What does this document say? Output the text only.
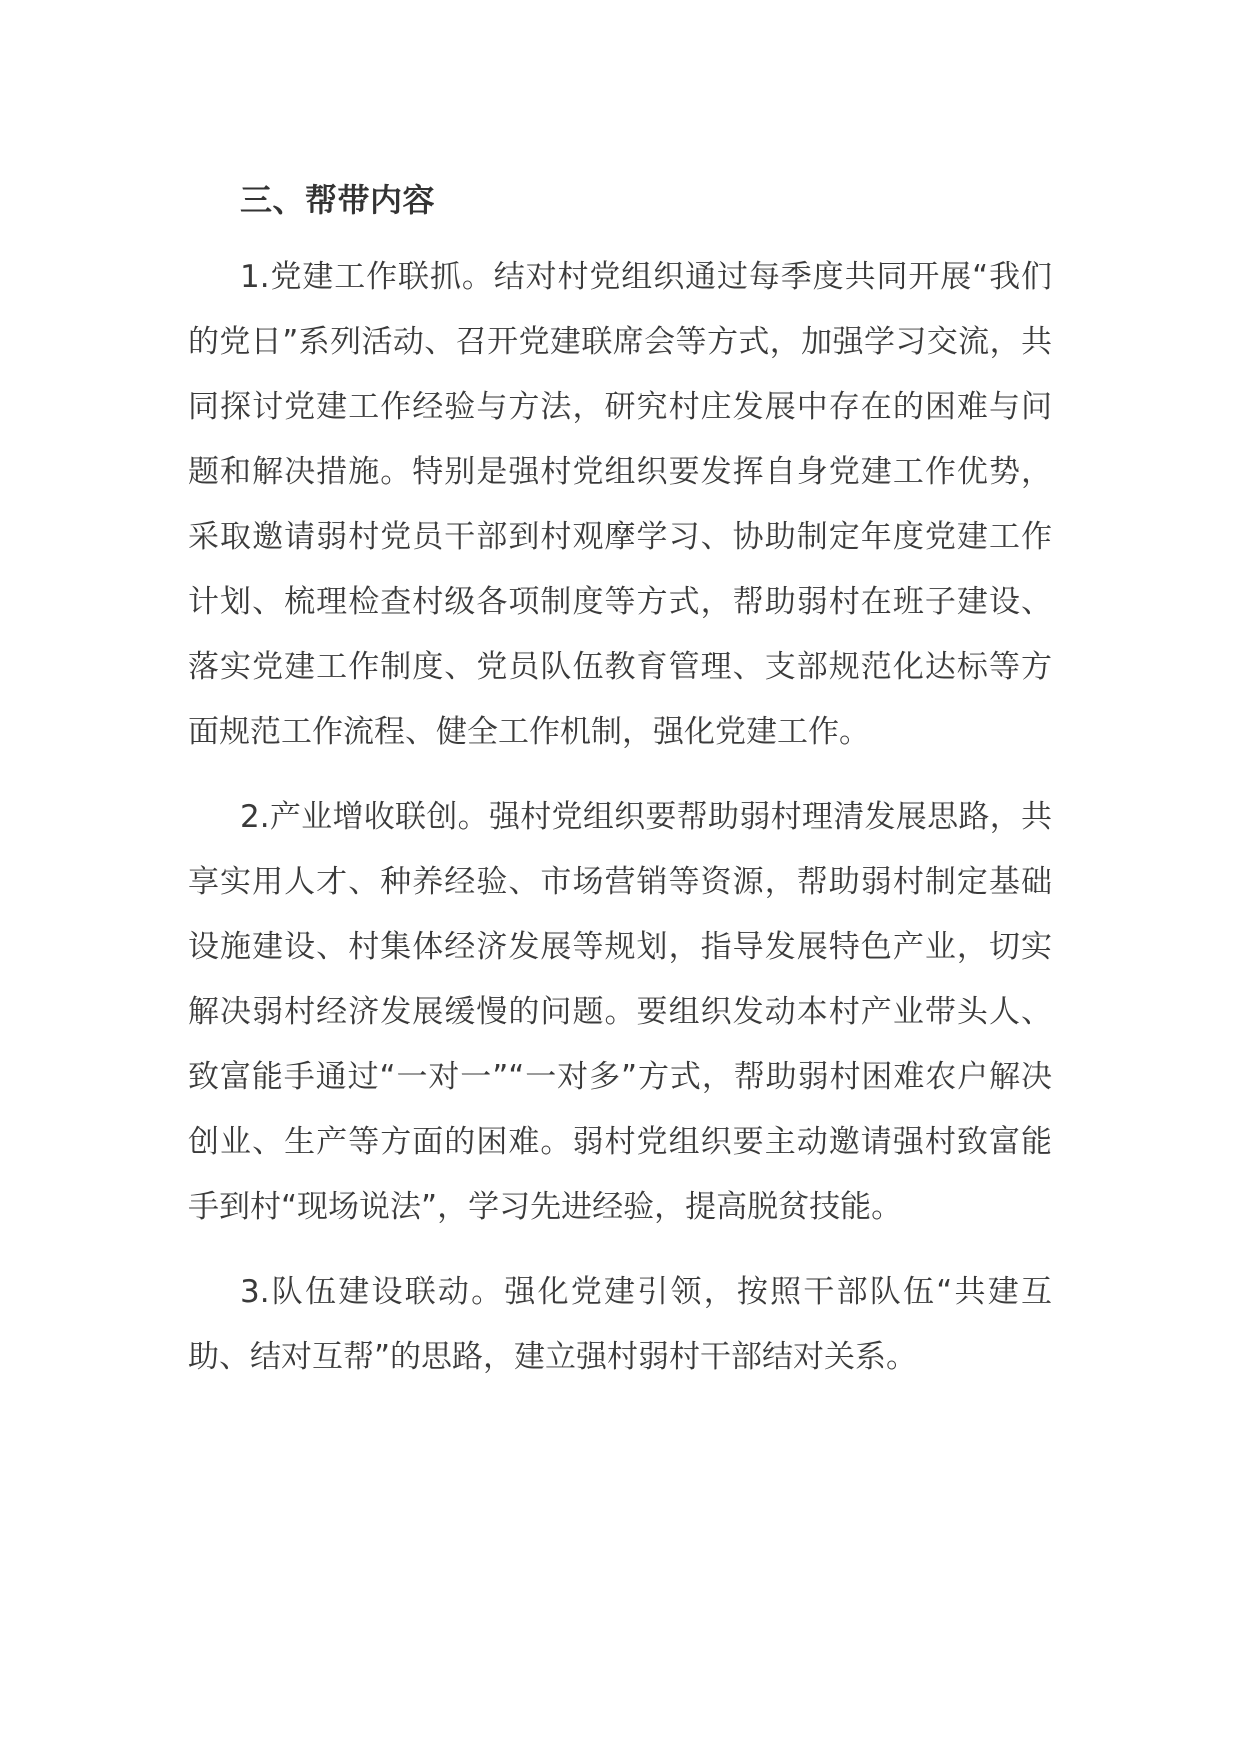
三、帮带内容

1.党建工作联抓。结对村党组织通过每季度共同开展“我们的党日”系列活动、召开党建联席会等方式，加强学习交流，共同探讨党建工作经验与方法，研究村庄发展中存在的困难与问题和解决措施。特别是强村党组织要发挥自身党建工作优势，采取邀请弱村党员干部到村观摩学习、协助制定年度党建工作计划、梳理检查村级各项制度等方式，帮助弱村在班子建设、落实党建工作制度、党员队伍教育管理、支部规范化达标等方面规范工作流程、健全工作机制，强化党建工作。

2.产业增收联创。强村党组织要帮助弱村理清发展思路，共享实用人才、种养经验、市场营销等资源，帮助弱村制定基础设施建设、村集体经济发展等规划，指导发展特色产业，切实解决弱村经济发展缓慢的问题。要组织发动本村产业带头人、致富能手通过“一对一”“一对多”方式，帮助弱村困难农户解决创业、生产等方面的困难。弱村党组织要主动邀请强村致富能手到村“现场说法”，学习先进经验，提高脱贫技能。

3.队伍建设联动。强化党建引领，按照干部队伍“共建互助、结对互帮”的思路，建立强村弱村干部结对关系。
